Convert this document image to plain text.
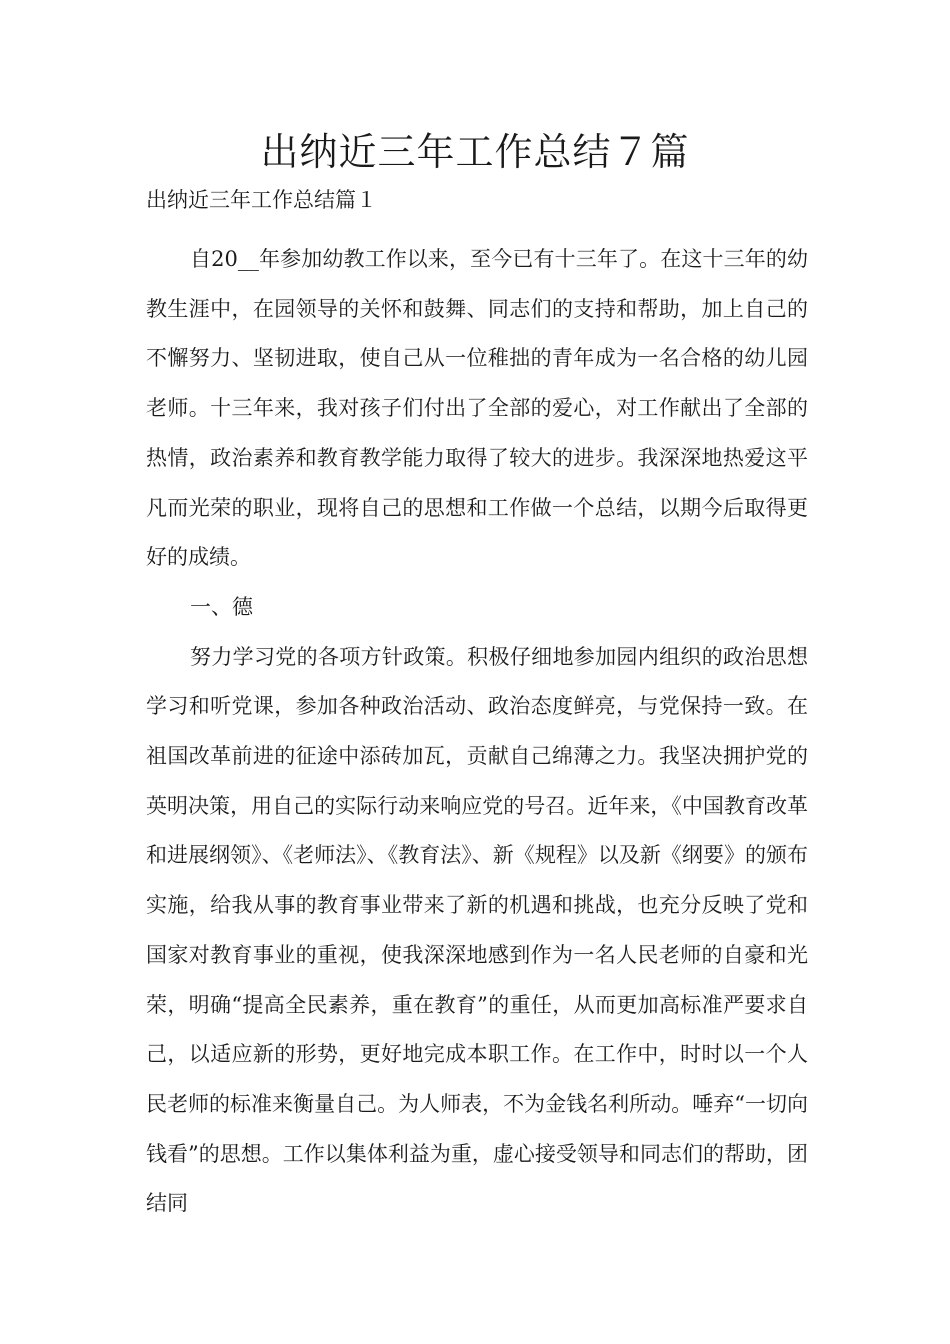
出纳近三年工作总结７篇
出纳近三年工作总结篇１

自20__年参加幼教工作以来，至今已有十三年了。在这十三年的幼教生涯中，在园领导的关怀和鼓舞、同志们的支持和帮助，加上自己的不懈努力、坚韧进取，使自己从一位稚拙的青年成为一名合格的幼儿园老师。十三年来，我对孩子们付出了全部的爱心，对工作献出了全部的热情，政治素养和教育教学能力取得了较大的进步。我深深地热爱这平凡而光荣的职业，现将自己的思想和工作做一个总结，以期今后取得更好的成绩。

一、德

努力学习党的各项方针政策。积极仔细地参加园内组织的政治思想学习和听党课，参加各种政治活动、政治态度鲜亮，与党保持一致。在祖国改革前进的征途中添砖加瓦，贡献自己绵薄之力。我坚决拥护党的英明决策，用自己的实际行动来响应党的号召。近年来，《中国教育改革和进展纲领》、《老师法》、《教育法》、新《规程》以及新《纲要》的颁布实施，给我从事的教育事业带来了新的机遇和挑战，也充分反映了党和国家对教育事业的重视，使我深深地感到作为一名人民老师的自豪和光荣，明确“提高全民素养，重在教育”的重任，从而更加高标准严要求自己，以适应新的形势，更好地完成本职工作。在工作中，时时以一个人民老师的标准来衡量自己。为人师表，不为金钱名利所动。唾弃“一切向钱看”的思想。工作以集体利益为重，虚心接受领导和同志们的帮助，团结同
